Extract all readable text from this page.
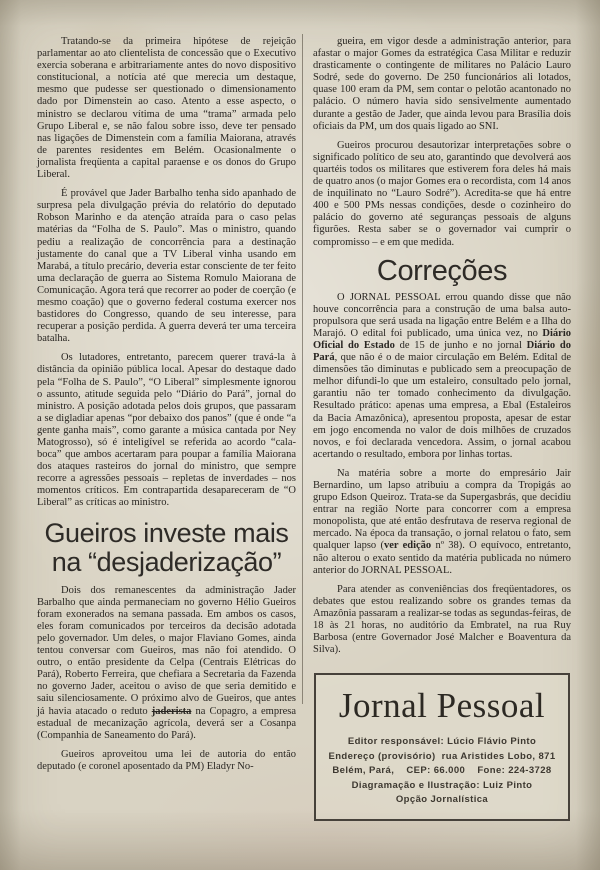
Tratando-se da primeira hipótese de rejeição parlamentar ao ato clientelista de concessão que o Executivo exercia soberana e arbitrariamente antes do novo dispositivo constitucional, a notícia até que merecia um destaque, mesmo que pudesse ser questionado o dimensionamento dado por Dimenstein ao caso. Atento a esse aspecto, o ministro se declarou vítima de uma “trama” armada pelo Grupo Liberal e, se não falou sobre isso, deve ter pensado nas ligações de Dimenstein com a família Maiorana, através de parentes residentes em Belém. Ocasionalmente o jornalista freqüenta a capital paraense e os donos do Grupo Liberal.

É provável que Jader Barbalho tenha sido apanhado de surpresa pela divulgação prévia do relatório do deputado Robson Marinho e da atenção atraída para o caso pelas matérias da “Folha de S. Paulo”. Mas o ministro, quando pediu a realização de concorrência para a destinação justamente do canal que a TV Liberal vinha usando em Marabá, a título precário, deveria estar consciente de ter feito uma declaração de guerra ao Sistema Romulo Maiorana de Comunicação. Agora terá que recorrer ao poder de coerção (e mesmo coação) que o governo federal costuma exercer nos bastidores do Congresso, quando de seu interesse, para recuperar a posição perdida. A guerra deverá ter uma terceira batalha.

Os lutadores, entretanto, parecem querer travá-la à distância da opinião pública local. Apesar do destaque dado pela “Folha de S. Paulo”, “O Liberal” simplesmente ignorou o assunto, atitude seguida pelo “Diário do Pará”, jornal do ministro. A posição adotada pelos dois grupos, que passaram a se digladiar apenas “por debaixo dos panos” (que é onde “a gente ganha mais”, como garante a música cantada por Ney Matogrosso), só é inteligível se referida ao acordo “cala-boca” que ambos acertaram para poupar a família Maiorana dos ataques rasteiros do jornal do ministro, que sempre recorre a agressões pessoais – repletas de inverdades – nos momentos críticos. Em contrapartida desapareceram de “O Liberal” as críticas ao ministro.

Gueiros investe mais na “desjaderização”

Dois dos remanescentes da administração Jader Barbalho que ainda permaneciam no governo Hélio Gueiros foram exonerados na semana passada. Em ambos os casos, eles foram comunicados por terceiros da decisão adotada pelo governador. Um deles, o major Flaviano Gomes, ainda tentou conversar com Gueiros, mas não foi atendido. O outro, o então presidente da Celpa (Centrais Elétricas do Pará), Roberto Ferreira, que chefiara a Secretaria da Fazenda no governo Jader, aceitou o aviso de que seria demitido e saiu silenciosamente. O próximo alvo de Gueiros, que antes já havia atacado o reduto jaderista na Copagro, a empresa estadual de mecanização agrícola, deverá ser a Cosanpa (Companhia de Saneamento do Pará).

Gueiros aproveitou uma lei de autoria do então deputado (e coronel aposentado da PM) Eladyr No-

gueira, em vigor desde a administração anterior, para afastar o major Gomes da estratégica Casa Militar e reduzir drasticamente o contingente de militares no Palácio Lauro Sodré, sede do governo. De 250 funcionários ali lotados, quase 100 eram da PM, sem contar o pelotão acantonado no palácio. O número havia sido sensivelmente aumentado durante a gestão de Jader, que ainda levou para Brasília dois oficiais da PM, um dos quais ligado ao SNI.

Gueiros procurou desautorizar interpretações sobre o significado político de seu ato, garantindo que devolverá aos quartéis todos os militares que estiverem fora deles há mais de quatro anos (o major Gomes era o recordista, com 14 anos de inquilinato no “Lauro Sodré”). Acredita-se que há entre 400 e 500 PMs nessas condições, desde o cozinheiro do palácio do governo até seguranças pessoais de alguns figurões. Resta saber se o governador vai cumprir o compromisso – e em que medida.

Correções

O JORNAL PESSOAL errou quando disse que não houve concorrência para a construção de uma balsa auto-propulsora que será usada na ligação entre Belém e a Ilha do Marajó. O edital foi publicado, uma única vez, no Diário Oficial do Estado de 15 de junho e no jornal Diário do Pará, que não é o de maior circulação em Belém. Edital de dimensões tão diminutas e publicado sem a preocupação de melhor difundi-lo que um estaleiro, consultado pelo jornal, garantiu não ter tomado conhecimento da divulgação. Resultado prático: apenas uma empresa, a Ebal (Estaleiros da Bacia Amazônica), apresentou proposta, apesar de estar em jogo encomenda no valor de dois milhões de cruzados novos, e foi declarada vencedora. Assim, o jornal acabou acertando o resultado, embora por linhas tortas.

Na matéria sobre a morte do empresário Jair Bernardino, um lapso atribuiu a compra da Tropigás ao grupo Edson Queiroz. Trata-se da Supergasbrás, que decidiu entrar na região Norte para concorrer com a empresa monopolista, que até então desfrutava de reserva regional de mercado. Na época da transação, o jornal relatou o fato, sem qualquer lapso (ver edição nº 38). O equívoco, entretanto, não alterou o exato sentido da matéria publicada no número anterior do JORNAL PESSOAL.

Para atender as conveniências dos freqüentadores, os debates que estou realizando sobre os grandes temas da Amazônia passaram a realizar-se todas as segundas-feiras, de 18 às 21 horas, no auditório da Embratel, na rua Ruy Barbosa (entre Governador José Malcher e Boaventura da Silva).

Jornal Pessoal

Editor responsável: Lúcio Flávio Pinto

Endereço (provisório)  rua Aristides Lobo, 871

Belém, Pará,    CEP: 66.000    Fone: 224-3728

Diagramação e Ilustração: Luiz Pinto

Opção Jornalística
